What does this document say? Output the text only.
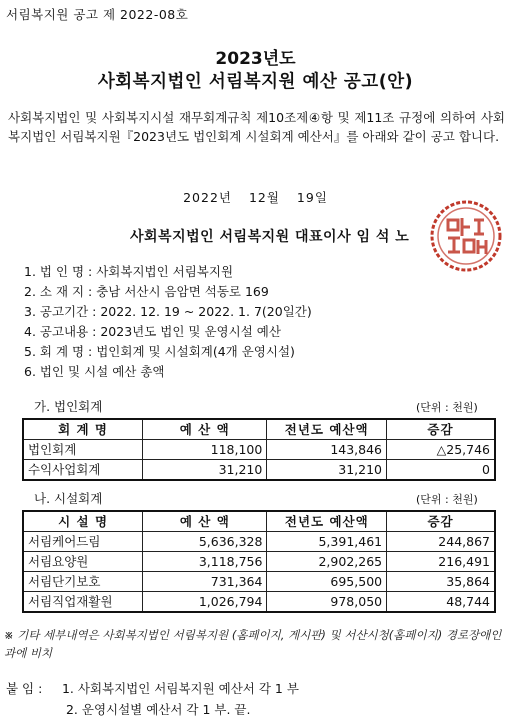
서림복지원 공고 제 2022-08호
2023년도
사회복지법인 서림복지원 예산 공고(안)
사회복지법인 및 사회복지시설 재무회계규칙 제10조제④항 및 제11조 규정에 의하여 사회복지법인 서림복지원『2023년도 법인회계 시설회계 예산서』를 아래와 같이 공고 합니다.
2022년 12월 19일
사회복지법인 서림복지원 대표이사 임 석 노
1. 법 인 명 : 사회복지법인 서림복지원
2. 소 재 지 : 충남 서산시 음암면 석동로 169
3. 공고기간 : 2022. 12. 19 ~ 2022. 1. 7(20일간)
4. 공고내용 : 2023년도 법인 및 운영시설 예산
5. 회 계 명 : 법인회계 및 시설회계(4개 운영시설)
6. 법인 및 시설 예산 총액
가. 법인회계	(단위 : 천원)
회 계 명	예 산 액	전년도 예산액	증감
법인회계	118,100	143,846	△25,746
수익사업회계	31,210	31,210	0
나. 시설회계	(단위 : 천원)
시 설 명	예 산 액	전년도 예산액	증감
서림케어드림	5,636,328	5,391,461	244,867
서림요양원	3,118,756	2,902,265	216,491
서림단기보호	731,364	695,500	35,864
서림직업재활원	1,026,794	978,050	48,744
※ 기타 세부내역은 사회복지법인 서림복지원 (홈페이지, 게시판) 및 서산시청(홈페이지) 경로장애인과에 비치
붙 임 : 1. 사회복지법인 서림복지원 예산서 각 1 부
2. 운영시설별 예산서 각 1 부. 끝.
